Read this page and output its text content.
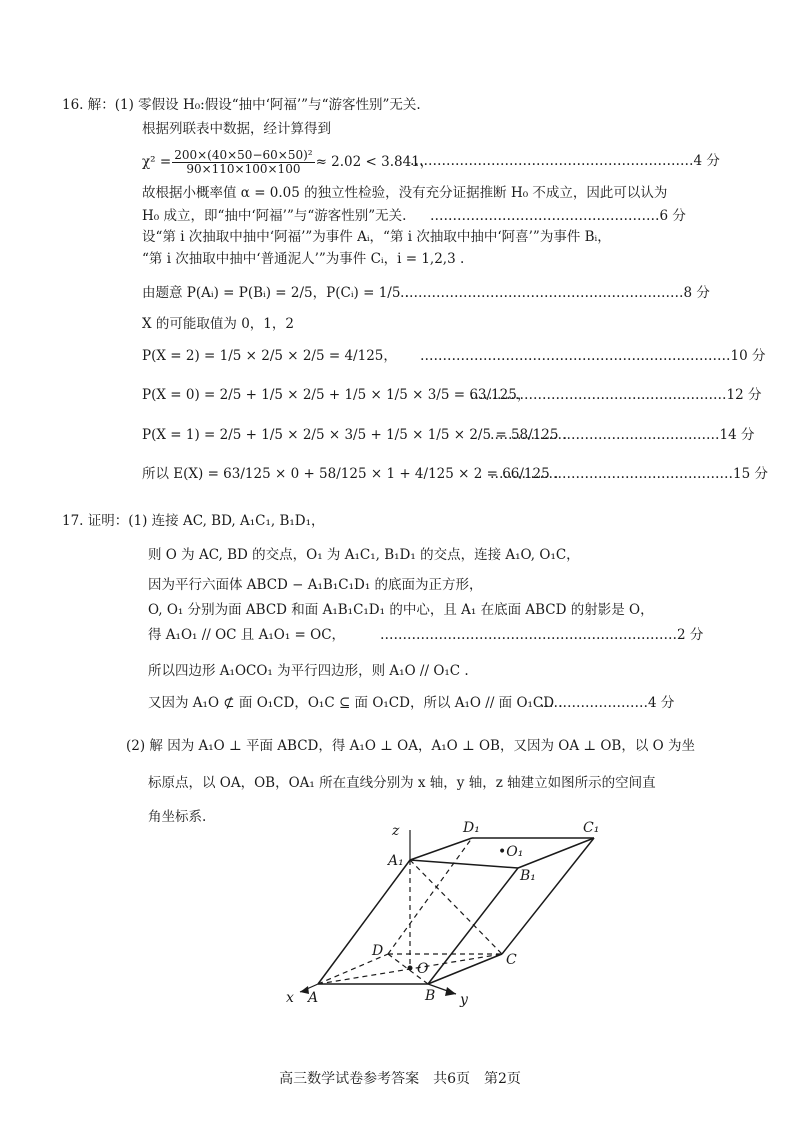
16. 解：(1) 零假设 H₀:假设“抽中‘阿福’”与“游客性别”无关.
根据列联表中数据，经计算得到
$\chi^2 = \frac{\text{200×(40×50−60×50)²}}{90\times 110\times 100\times 100} \approx 2.02 < 3.841$，
………………………………………………………4 分
故根据小概率值 α = 0.05 的独立性检验，没有充分证据推断 H₀ 不成立，因此可以认为
H₀ 成立，即“抽中‘阿福’”与“游客性别”无关. ……………………………………………6 分
设“第 i 次抽取中抽中‘阿福’”为事件 Aᵢ，“第 i 次抽取中抽中‘阿喜’”为事件 Bᵢ，
“第 i 次抽取中抽中‘普通泥人’”为事件 Cᵢ，i = 1,2,3 .
由题意 P(Aᵢ) = P(Bᵢ) = 2/5，P(Cᵢ) = 1/5 .
………………………………………………………8 分
X 的可能取值为 0，1，2
P(X = 2) = 1/5 × 2/5 × 2/5 = 4/125， ……………………………………………………………10 分
P(X = 0) = 2/5 + 1/5 × 2/5 + 1/5 × 1/5 × 3/5 = 63/125，
…………………………………………………12 分
P(X = 1) = 2/5 + 1/5 × 2/5 × 3/5 + 1/5 × 1/5 × 2/5 = 58/125 .
……………………………………………14 分
所以 E(X) = 63/125 × 0 + 58/125 × 1 + 4/125 × 2 = 66/125 .
………………………………………………15 分
17. 证明：(1) 连接 AC, BD, A₁C₁, B₁D₁，
则 O 为 AC, BD 的交点，O₁ 为 A₁C₁, B₁D₁ 的交点，连接 A₁O, O₁C，
因为平行六面体 ABCD − A₁B₁C₁D₁ 的底面为正方形，
O, O₁ 分别为面 ABCD 和面 A₁B₁C₁D₁ 的中心，且 A₁ 在底面 ABCD 的射影是 O，
得 A₁O₁ // OC 且 A₁O₁ = OC，	…………………………………………………………2 分
所以四边形 A₁OCO₁ 为平行四边形，则 A₁O // O₁C .
又因为 A₁O ⊄ 面 O₁CD，O₁C ⊆ 面 O₁CD，所以 A₁O // 面 O₁CD .
……………………4 分
(2) 解 因为 A₁O ⊥ 平面 ABCD，得 A₁O ⊥ OA，A₁O ⊥ OB，又因为 OA ⊥ OB，以 O 为坐
标原点，以 OA，OB，OA₁ 所在直线分别为 x 轴，y 轴，z 轴建立如图所示的空间直
角坐标系.
z	D₁	C₁
•O₁
A₁
B₁
D
O
C
x A	B y
高三数学试卷参考答案　共6页　第2页
